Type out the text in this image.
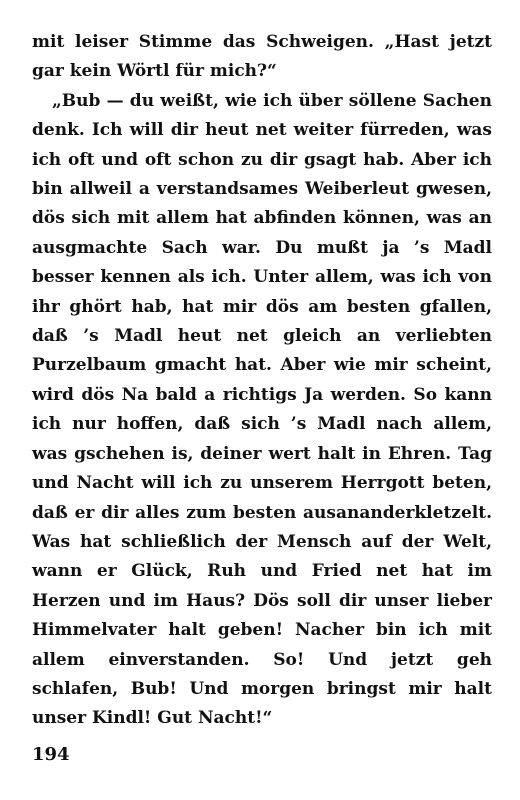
mit leiser Stimme das Schweigen. „Hast jetzt gar kein Wörtl für mich?“

„Bub — du weißt, wie ich über söllene Sachen denk. Ich will dir heut net weiter fürreden, was ich oft und oft schon zu dir gsagt hab. Aber ich bin allweil a verstandsames Weiberleut gwesen, dös sich mit allem hat abfinden können, was an ausgmachte Sach war. Du mußt ja ’s Madl besser kennen als ich. Unter allem, was ich von ihr ghört hab, hat mir dös am besten gfallen, daß ’s Madl heut net gleich an verliebten Purzelbaum gmacht hat. Aber wie mir scheint, wird dös Na bald a richtigs Ja werden. So kann ich nur hoffen, daß sich ’s Madl nach allem, was gschehen is, deiner wert halt in Ehren. Tag und Nacht will ich zu unserem Herrgott beten, daß er dir alles zum besten ausananderkletzelt. Was hat schließlich der Mensch auf der Welt, wann er Glück, Ruh und Fried net hat im Herzen und im Haus? Dös soll dir unser lieber Himmelvater halt geben! Nacher bin ich mit allem einverstanden. So! Und jetzt geh schlafen, Bub! Und morgen bringst mir halt unser Kindl! Gut Nacht!“

194
